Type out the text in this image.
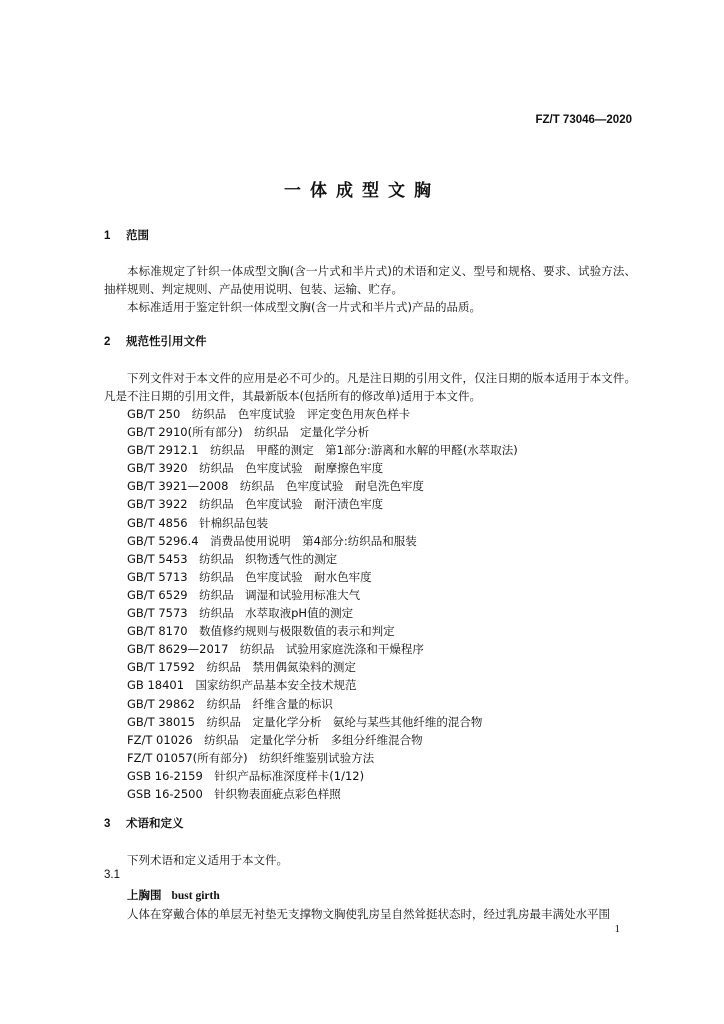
FZ/T 73046—2020
一体成型文胸
1 范围

本标准规定了针织一体成型文胸(含一片式和半片式)的术语和定义、型号和规格、要求、试验方法、抽样规则、判定规则、产品使用说明、包装、运输、贮存。

本标准适用于鉴定针织一体成型文胸(含一片式和半片式)产品的品质。

2 规范性引用文件

下列文件对于本文件的应用是必不可少的。凡是注日期的引用文件，仅注日期的版本适用于本文件。凡是不注日期的引用文件，其最新版本(包括所有的修改单)适用于本文件。

GB/T 250　纺织品　色牢度试验　评定变色用灰色样卡
GB/T 2910(所有部分)　纺织品　定量化学分析
GB/T 2912.1　纺织品　甲醛的测定　第1部分:游离和水解的甲醛(水萃取法)
GB/T 3920　纺织品　色牢度试验　耐摩擦色牢度
GB/T 3921—2008　纺织品　色牢度试验　耐皂洗色牢度
GB/T 3922　纺织品　色牢度试验　耐汗渍色牢度
GB/T 4856　针棉织品包装
GB/T 5296.4　消费品使用说明　第4部分:纺织品和服装
GB/T 5453　纺织品　织物透气性的测定
GB/T 5713　纺织品　色牢度试验　耐水色牢度
GB/T 6529　纺织品　调湿和试验用标准大气
GB/T 7573　纺织品　水萃取液pH值的测定
GB/T 8170　数值修约规则与极限数值的表示和判定
GB/T 8629—2017　纺织品　试验用家庭洗涤和干燥程序
GB/T 17592　纺织品　禁用偶氮染料的测定
GB 18401　国家纺织产品基本安全技术规范
GB/T 29862　纺织品　纤维含量的标识
GB/T 38015　纺织品　定量化学分析　氨纶与某些其他纤维的混合物
FZ/T 01026　纺织品　定量化学分析　多组分纤维混合物
FZ/T 01057(所有部分)　纺织纤维鉴别试验方法
GSB 16-2159　针织产品标准深度样卡(1/12)
GSB 16-2500　针织物表面疵点彩色样照
3 术语和定义

下列术语和定义适用于本文件。

3.1
上胸围 bust girth

人体在穿戴合体的单层无衬垫无支撑物文胸使乳房呈自然耸挺状态时，经过乳房最丰满处水平围

1
